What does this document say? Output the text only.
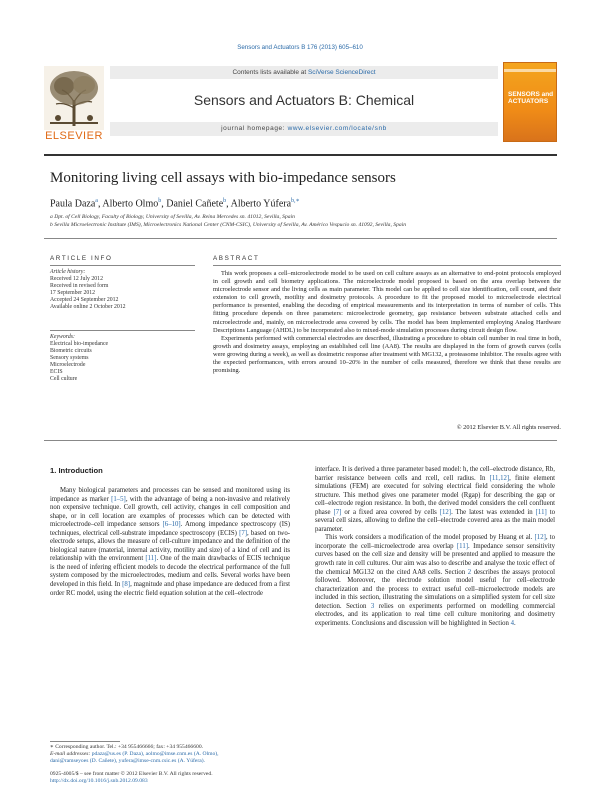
Sensors and Actuators B 176 (2013) 605–610
ELSEVIER
Contents lists available at SciVerse ScienceDirect
Sensors and Actuators B: Chemical
journal homepage: www.elsevier.com/locate/snb
SENSORS and ACTUATORS
Monitoring living cell assays with bio-impedance sensors
Paula Daza$^a$, Alberto Olmo$^b$, Daniel Cañete$^b$, Alberto Yúfera$^{b,∗}$
a Dpt. of Cell Biology, Faculty of Biology, University of Sevilla, Av. Reina Mercedes sn. 41012, Sevilla, Spain
b Sevilla Microelectronic Institute (IMS), Microelectronics National Center (CNM-CSIC), University of Sevilla, Av. Américo Vespucio sn. 41092, Sevilla, Spain
ARTICLE INFO
Article history:
Received 12 July 2012
Received in revised form
17 September 2012
Accepted 24 September 2012
Available online 2 October 2012
Keywords:
Electrical bio-impedance
Biometric circuits
Sensory systems
Microelectrode
ECIS
Cell culture
ABSTRACT

This work proposes a cell–microelectrode model to be used on cell culture assays as an alternative to end-point protocols employed in cell growth and cell biometry applications. The microelectrode model proposed is based on the area overlap between the microelectrode sensor and the living cells as main parameter. This model can be applied to cell size identification, cell count, and their extension to cell growth, motility and dosimetry protocols. A procedure to fit the proposed model to microelectrode electrical performance is presented, enabling the decoding of empirical measurements and its interpretation in terms of number of cells. This fitting procedure depends on three parameters: microelectrode geometry, gap resistance between substrate attached cells and microelectrode and, mainly, on microelectrode area covered by cells. The model has been implemented employing Analog Hardware Descriptions Language (AHDL) to be incorporated also to mixed-mode simulation processes during circuit design flow.

Experiments performed with commercial electrodes are described, illustrating a procedure to obtain cell number in real time in both, growth and dosimetry assays, employing an established cell line (AA8). The results are displayed in the form of growth curves (cells were growing during a week), as well as dosimetric response after treatment with MG132, a proteasome inhibitor. The results agree with the expected performances, with errors around 10–20% in the number of cells measured, therefore we think that these results are promising.

© 2012 Elsevier B.V. All rights reserved.
1. Introduction

Many biological parameters and processes can be sensed and monitored using its impedance as marker [1–5], with the advantage of being a non-invasive and relatively non expensive technique. Cell growth, cell activity, changes in cell composition and shape, or in cell location are examples of processes which can be detected with microelectrode–cell impedance sensors [6–10]. Among impedance spectroscopy (IS) techniques, electrical cell-substrate impedance spectroscopy (ECIS) [7], based on two-electrode setups, allows the measure of cell-culture impedance and the definition of the biological nature (material, internal activity, motility and size) of a kind of cell and its relationship with the environment [11]. One of the main drawbacks of ECIS technique is the need of infering efficient models to decode the electrical performance of the full system composed by the microelectrodes, medium and cells. Several works have been developed in this field. In [8], magnitude and phase impedance are deduced from a first order RC model, using the electric field equation solution at the cell–electrode

interface. It is derived a three parameter based model: h, the cell–electrode distance, Rb, barrier resistance between cells and rcell, cell radius. In [11,12], finite element simulations (FEM) are executed for solving electrical field considering the whole structure. This method gives one parameter model (Rgap) for describing the gap or cell–electrode region resistance. In both, the derived model considers the cell confluent phase [7] or a fixed area covered by cells [12]. The latest was extended in [11] to several cell sizes, allowing to define the cell–electrode covered area as the main model parameter.

This work considers a modification of the model proposed by Huang et al. [12], to incorporate the cell–microelectrode area overlap [11]. Impedance sensor sensitivity curves based on the cell size and density will be presented and applied to measure the growth rate in cell cultures. Our aim was also to describe and analyse the toxic effect of the chemical MG132 on the cited AA8 cells. Section 2 describes the assays protocol followed. Moreover, the electrode solution model useful for cell–electrode characterization and the process to extract useful cell–microelectrode models are included in this section, illustrating the simulations on a simplified system for cell size detection. Section 3 relies on experiments performed on modelling commercial electrodes, and its application to real time cell culture monitoring and dosimetry experiments. Conclusions and discussion will be highlighted in Section 4.

∗ Corresponding author. Tel.: +34 955466666; fax: +34 955466600.
E-mail addresses: pdaza@us.es (P. Daza), aolmo@imse.cnm.es (A. Olmo),
dani@ramseyoes (D. Cañete), yufera@imse-cnm.csic.es (A. Yúfera).
0925-4005/$ – see front matter © 2012 Elsevier B.V. All rights reserved.
http://dx.doi.org/10.1016/j.snb.2012.09.083
